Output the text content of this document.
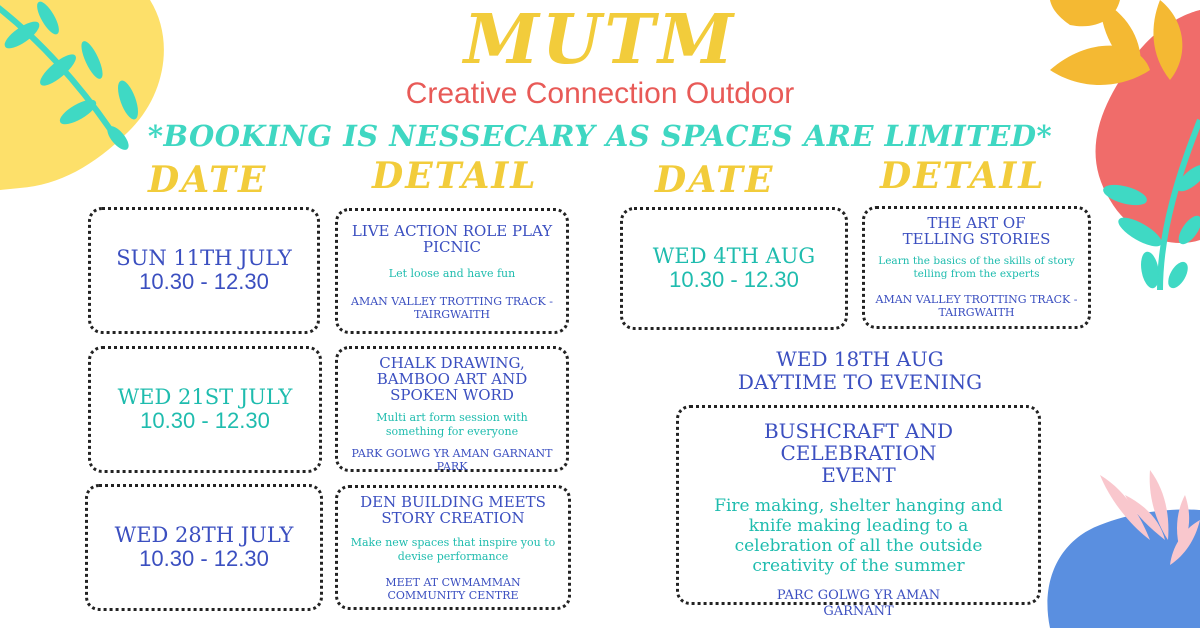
MUTM
Creative Connection Outdoor
*BOOKING IS NESSECARY AS SPACES ARE LIMITED*
DATE	DETAIL	DATE	DETAIL
SUN 11TH JULY
10.30 - 12.30
LIVE ACTION ROLE PLAY PICNIC
Let loose and have fun
AMAN VALLEY TROTTING TRACK - TAIRGWAITH
WED 21ST JULY
10.30 - 12.30
CHALK DRAWING, BAMBOO ART AND SPOKEN WORD
Multi art form session with something for everyone
PARK GOLWG YR AMAN GARNANT PARK
WED 28TH JULY
10.30 - 12.30
DEN BUILDING MEETS STORY CREATION
Make new spaces that inspire you to devise performance
MEET AT CWMAMMAN COMMUNITY CENTRE
WED 4TH AUG
10.30 - 12.30
THE ART OF TELLING STORIES
Learn the basics of the skills of story telling from the experts
AMAN VALLEY TROTTING TRACK - TAIRGWAITH
WED 18TH AUG
DAYTIME TO EVENING
BUSHCRAFT AND CELEBRATION EVENT
Fire making, shelter hanging and knife making leading to a celebration of all the outside creativity of the summer
PARC GOLWG YR AMAN GARNANT
